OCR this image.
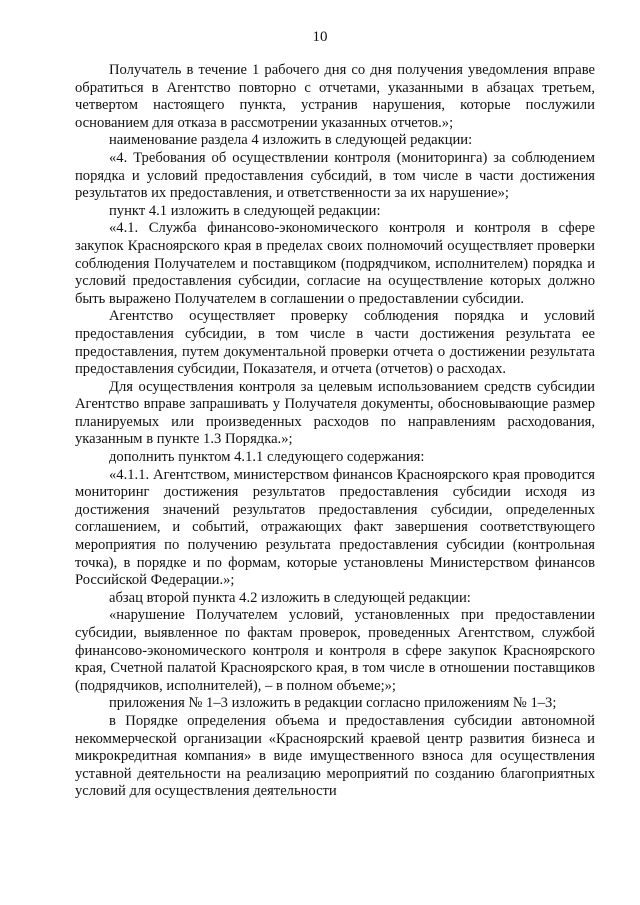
10

Получатель в течение 1 рабочего дня со дня получения уведомления вправе обратиться в Агентство повторно с отчетами, указанными в абзацах третьем, четвертом настоящего пункта, устранив нарушения, которые послужили основанием для отказа в рассмотрении указанных отчетов.»;

наименование раздела 4 изложить в следующей редакции:

«4. Требования об осуществлении контроля (мониторинга) за соблюдением порядка и условий предоставления субсидий, в том числе в части достижения результатов их предоставления, и ответственности за их нарушение»;

пункт 4.1 изложить в следующей редакции:

«4.1. Служба финансово-экономического контроля и контроля в сфере закупок Красноярского края в пределах своих полномочий осуществляет проверки соблюдения Получателем и поставщиком (подрядчиком, исполнителем) порядка и условий предоставления субсидии, согласие на осуществление которых должно быть выражено Получателем в соглашении о предоставлении субсидии.

Агентство осуществляет проверку соблюдения порядка и условий предоставления субсидии, в том числе в части достижения результата ее предоставления, путем документальной проверки отчета о достижении результата предоставления субсидии, Показателя, и отчета (отчетов) о расходах.

Для осуществления контроля за целевым использованием средств субсидии Агентство вправе запрашивать у Получателя документы, обосновывающие размер планируемых или произведенных расходов по направлениям расходования, указанным в пункте 1.3 Порядка.»;

дополнить пунктом 4.1.1 следующего содержания:

«4.1.1. Агентством, министерством финансов Красноярского края проводится мониторинг достижения результатов предоставления субсидии исходя из достижения значений результатов предоставления субсидии, определенных соглашением, и событий, отражающих факт завершения соответствующего мероприятия по получению результата предоставления субсидии (контрольная точка), в порядке и по формам, которые установлены Министерством финансов Российской Федерации.»;

абзац второй пункта 4.2 изложить в следующей редакции:

«нарушение Получателем условий, установленных при предоставлении субсидии, выявленное по фактам проверок, проведенных Агентством, службой финансово-экономического контроля и контроля в сфере закупок Красноярского края, Счетной палатой Красноярского края, в том числе в отношении поставщиков (подрядчиков, исполнителей), – в полном объеме;»;

приложения № 1–3 изложить в редакции согласно приложениям № 1–3;

в Порядке определения объема и предоставления субсидии автономной некоммерческой организации «Красноярский краевой центр развития бизнеса и микрокредитная компания» в виде имущественного взноса для осуществления уставной деятельности на реализацию мероприятий по созданию благоприятных условий для осуществления деятельности
